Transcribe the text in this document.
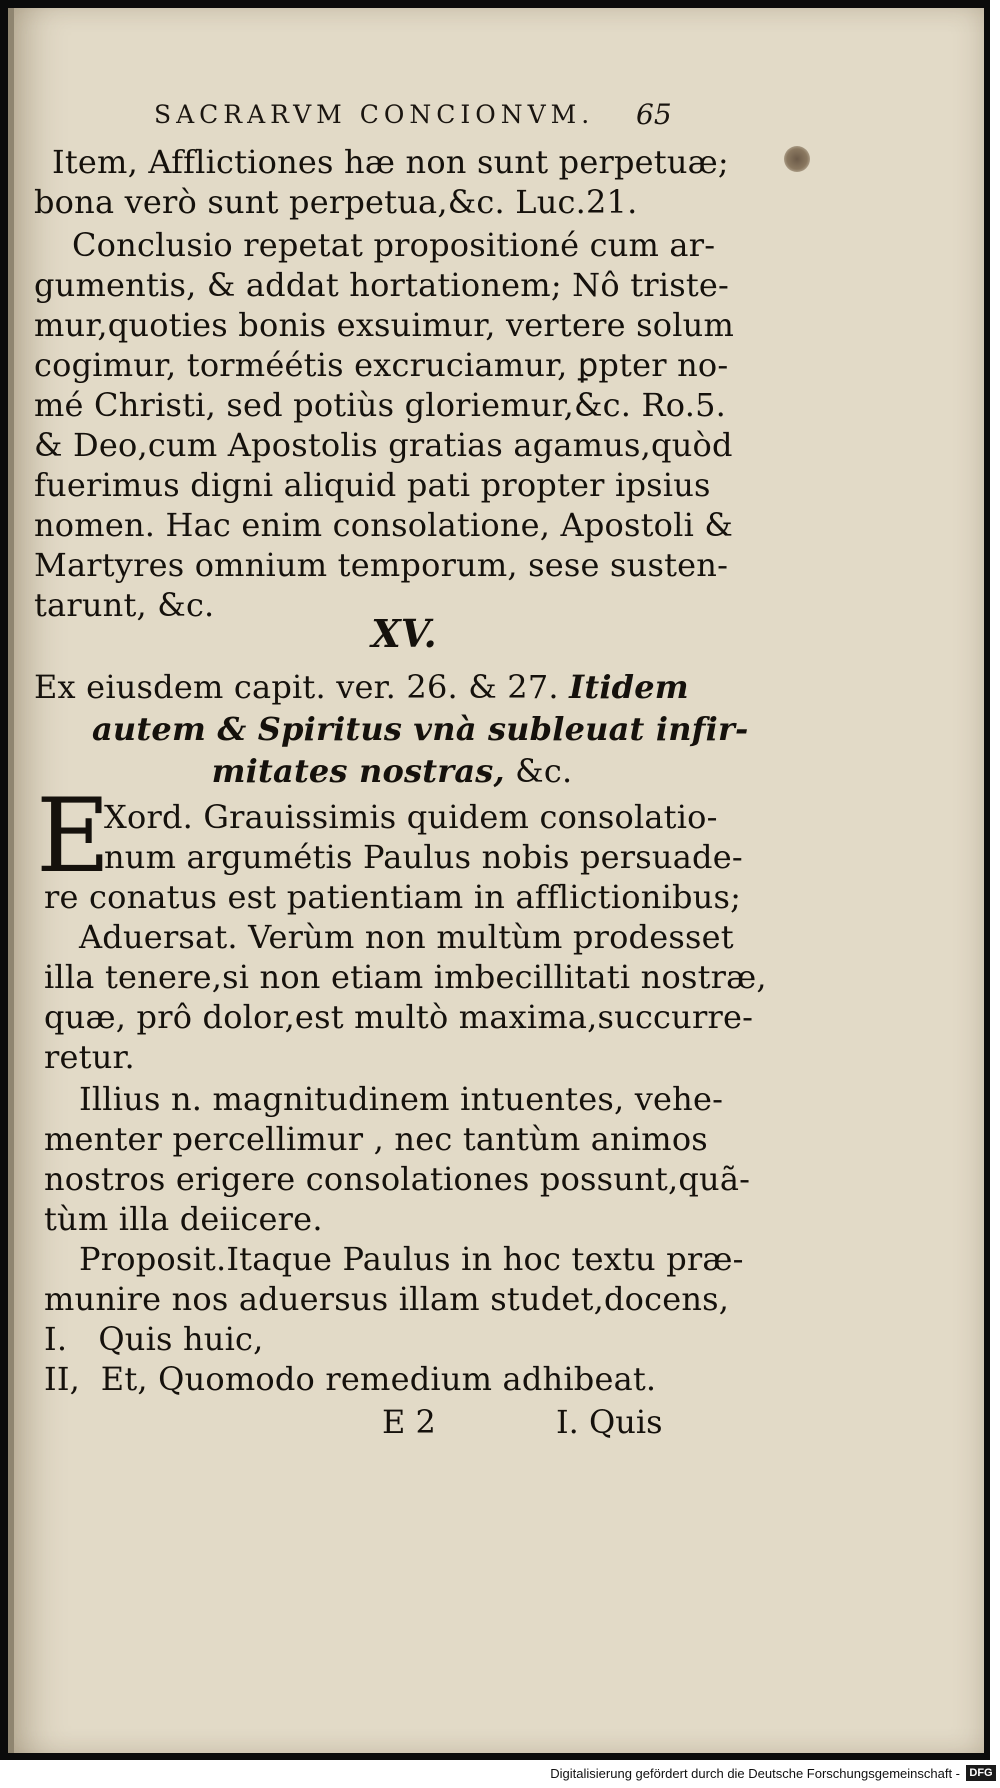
SACRARVM CONCIONVM.	65
Item, Afflictiones hæ non sunt perpetuæ;
bona verò sunt perpetua,&c. Luc.21.
Conclusio repetat propositioné cum ar-
gumentis, & addat hortationem; Nô triste-
mur,quoties bonis exsuimur, vertere solum
cogimur, torméétis excruciamur, ꝑpter no-
mé Christi, sed potiùs gloriemur,&c. Ro.5.
& Deo,cum Apostolis gratias agamus,quòd
fuerimus digni aliquid pati propter ipsius
nomen. Hac enim consolatione, Apostoli &
Martyres omnium temporum, sese susten-
tarunt, &c.
XV.
Ex eiusdem capit. ver. 26. & 27. Itidem
autem & Spiritus vnà subleuat infir-
mitates nostras, &c.
E
Xord. Grauissimis quidem consolatio-
num argumétis Paulus nobis persuade-
re conatus est patientiam in afflictionibus;
Aduersat. Verùm non multùm prodesset
illa tenere,si non etiam imbecillitati nostræ,
quæ, prô dolor,est multò maxima,succurre-
retur.
Illius n. magnitudinem intuentes, vehe-
menter percellimur , nec tantùm animos
nostros erigere consolationes possunt,quã-
tùm illa deiicere.
Proposit.Itaque Paulus in hoc textu præ-
munire nos aduersus illam studet,docens,
I.   Quis huic,
II,  Et, Quomodo remedium adhibeat.
E 2	I. Quis
Digitalisierung gefördert durch die Deutsche Forschungsgemeinschaft - DFG
